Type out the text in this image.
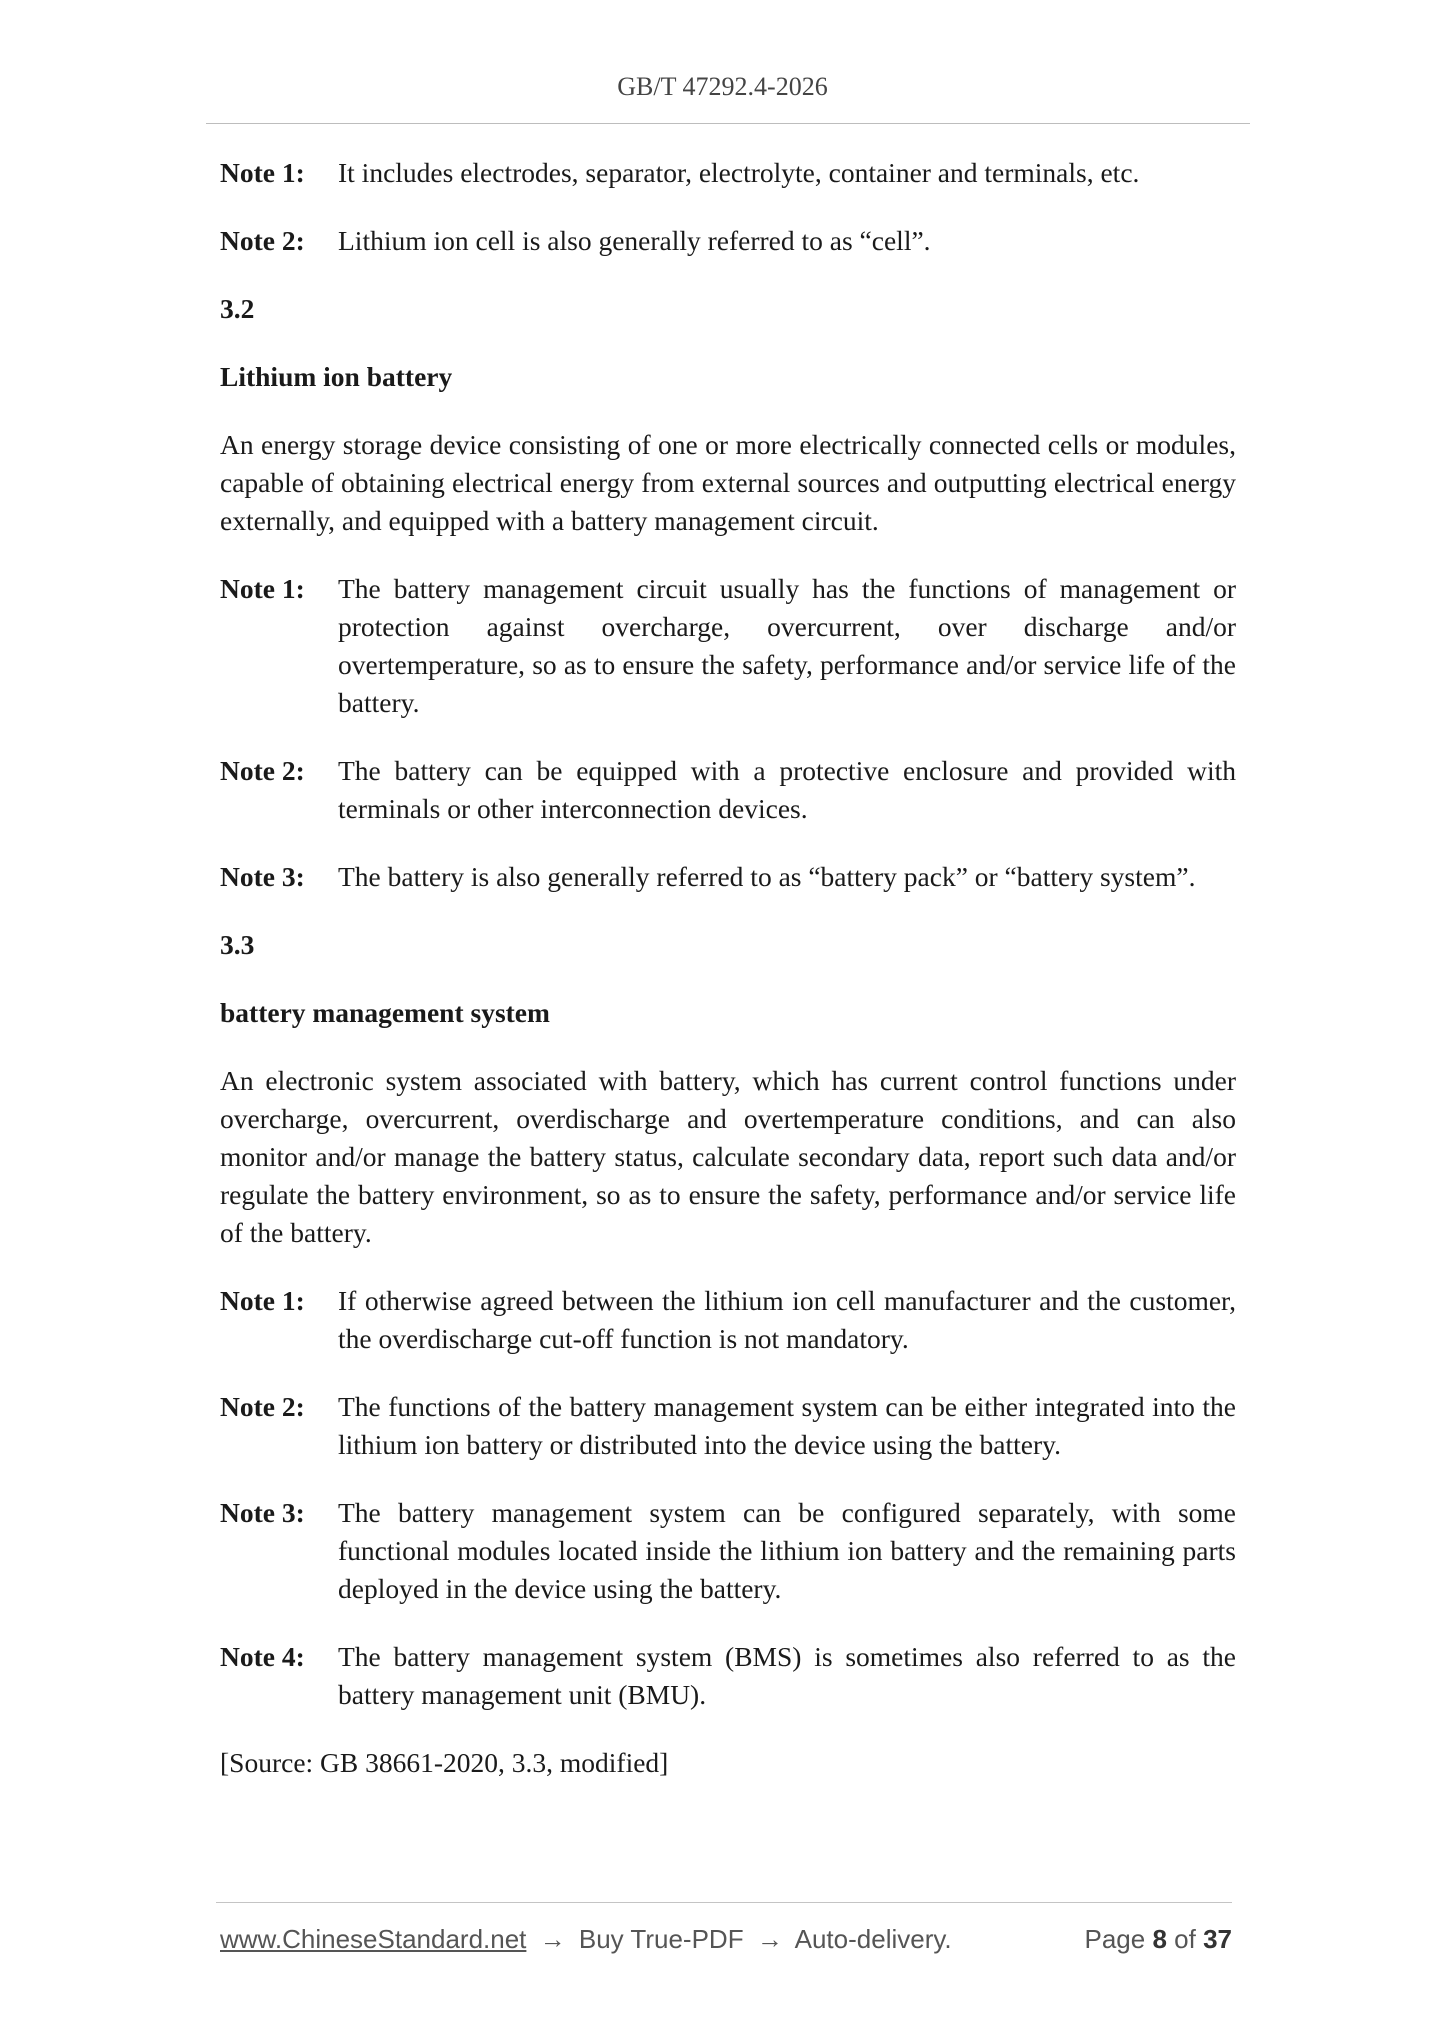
GB/T 47292.4-2026
Note 1:	It includes electrodes, separator, electrolyte, container and terminals, etc.
Note 2:	Lithium ion cell is also generally referred to as “cell”.
3.2
Lithium ion battery
An energy storage device consisting of one or more electrically connected cells or modules, capable of obtaining electrical energy from external sources and outputting electrical energy externally, and equipped with a battery management circuit.
Note 1:	The battery management circuit usually has the functions of management or protection against overcharge, overcurrent, over discharge and/or overtemperature, so as to ensure the safety, performance and/or service life of the battery.
Note 2:	The battery can be equipped with a protective enclosure and provided with terminals or other interconnection devices.
Note 3:	The battery is also generally referred to as “battery pack” or “battery system”.
3.3
battery management system
An electronic system associated with battery, which has current control functions under overcharge, overcurrent, overdischarge and overtemperature conditions, and can also monitor and/or manage the battery status, calculate secondary data, report such data and/or regulate the battery environment, so as to ensure the safety, performance and/or service life of the battery.
Note 1:	If otherwise agreed between the lithium ion cell manufacturer and the customer, the overdischarge cut-off function is not mandatory.
Note 2:	The functions of the battery management system can be either integrated into the lithium ion battery or distributed into the device using the battery.
Note 3:	The battery management system can be configured separately, with some functional modules located inside the lithium ion battery and the remaining parts deployed in the device using the battery.
Note 4:	The battery management system (BMS) is sometimes also referred to as the battery management unit (BMU).
[Source: GB 38661-2020, 3.3, modified]
www.ChineseStandard.net → Buy True-PDF → Auto-delivery.	Page 8 of 37
